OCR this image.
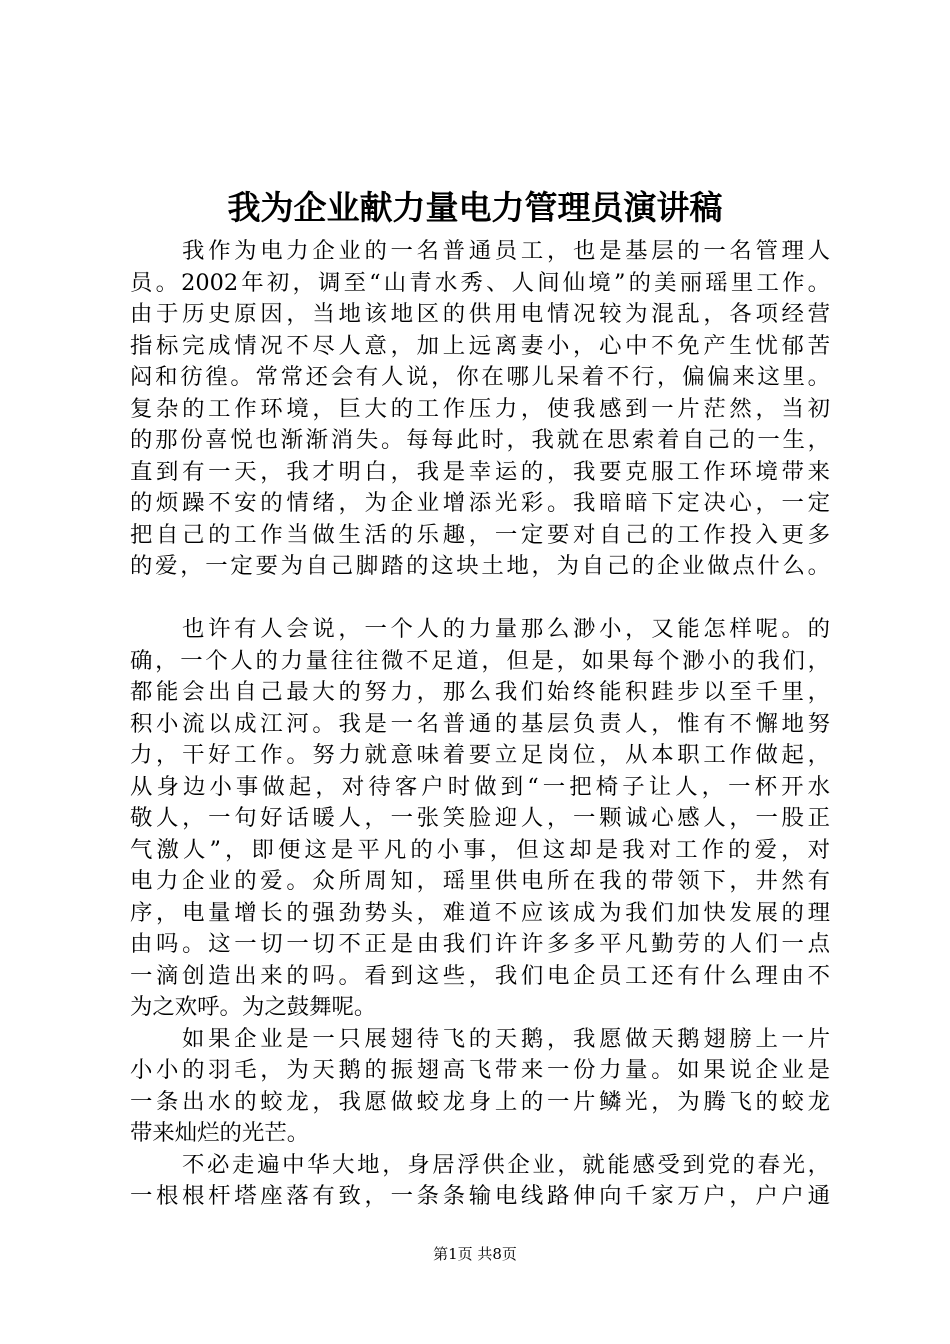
我为企业献力量电力管理员演讲稿
我作为电力企业的一名普通员工，也是基层的一名管理人
员。2002年初，调至“山青水秀、人间仙境”的美丽瑶里工作。
由于历史原因，当地该地区的供用电情况较为混乱，各项经营
指标完成情况不尽人意，加上远离妻小，心中不免产生忧郁苦
闷和彷徨。常常还会有人说，你在哪儿呆着不行，偏偏来这里。
复杂的工作环境，巨大的工作压力，使我感到一片茫然，当初
的那份喜悦也渐渐消失。每每此时，我就在思索着自己的一生，
直到有一天，我才明白，我是幸运的，我要克服工作环境带来
的烦躁不安的情绪，为企业增添光彩。我暗暗下定决心，一定
把自己的工作当做生活的乐趣，一定要对自己的工作投入更多
的爱，一定要为自己脚踏的这块土地，为自己的企业做点什么。
也许有人会说，一个人的力量那么渺小，又能怎样呢。的
确，一个人的力量往往微不足道，但是，如果每个渺小的我们，
都能会出自己最大的努力，那么我们始终能积跬步以至千里，
积小流以成江河。我是一名普通的基层负责人，惟有不懈地努
力，干好工作。努力就意味着要立足岗位，从本职工作做起，
从身边小事做起，对待客户时做到“一把椅子让人，一杯开水
敬人，一句好话暖人，一张笑脸迎人，一颗诚心感人，一股正
气激人”，即便这是平凡的小事，但这却是我对工作的爱，对
电力企业的爱。众所周知，瑶里供电所在我的带领下，井然有
序，电量增长的强劲势头，难道不应该成为我们加快发展的理
由吗。这一切一切不正是由我们许许多多平凡勤劳的人们一点
一滴创造出来的吗。看到这些，我们电企员工还有什么理由不
为之欢呼。为之鼓舞呢。
如果企业是一只展翅待飞的天鹅，我愿做天鹅翅膀上一片
小小的羽毛，为天鹅的振翅高飞带来一份力量。如果说企业是
一条出水的蛟龙，我愿做蛟龙身上的一片鳞光，为腾飞的蛟龙
带来灿烂的光芒。
不必走遍中华大地，身居浮供企业，就能感受到党的春光，
一根根杆塔座落有致，一条条输电线路伸向千家万户，户户通
第1页 共8页
